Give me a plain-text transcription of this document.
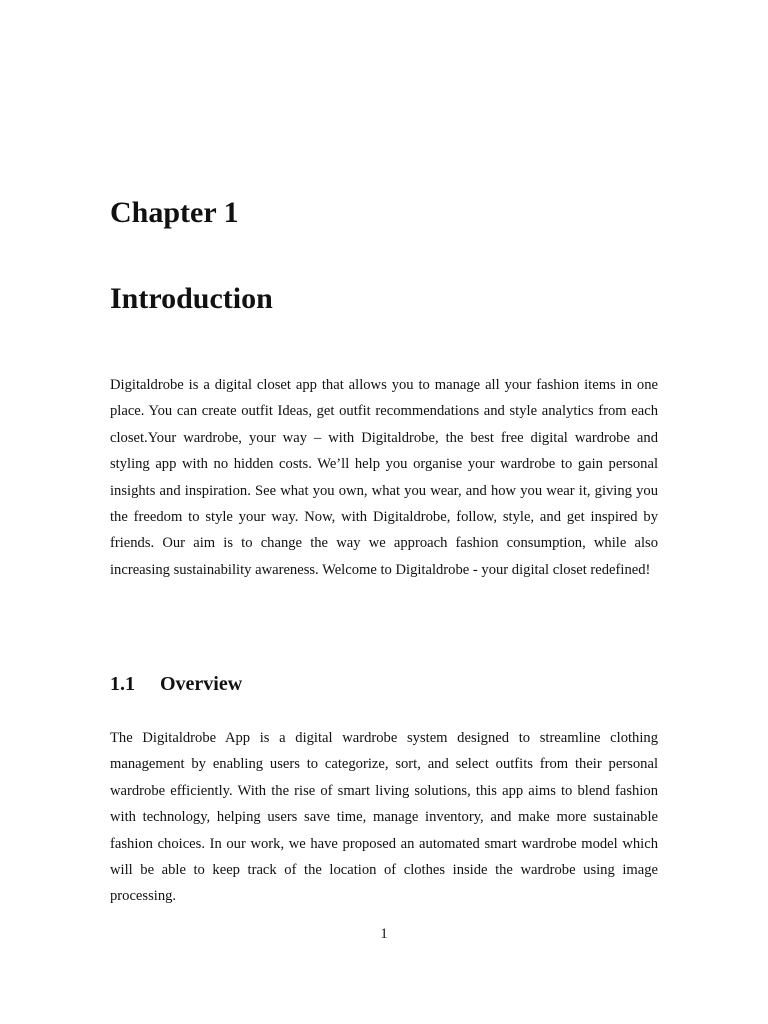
Chapter 1
Introduction

Digitaldrobe is a digital closet app that allows you to manage all your fashion items in one place. You can create outfit Ideas, get outfit recommendations and style analytics from each closet.Your wardrobe, your way – with Digitaldrobe, the best free digital wardrobe and styling app with no hidden costs. We’ll help you organise your wardrobe to gain personal insights and inspiration. See what you own, what you wear, and how you wear it, giving you the freedom to style your way. Now, with Digitaldrobe, follow, style, and get inspired by friends. Our aim is to change the way we approach fashion consumption, while also increasing sustainability awareness. Welcome to Digitaldrobe - your digital closet redefined!

1.1 Overview

The Digitaldrobe App is a digital wardrobe system designed to streamline clothing management by enabling users to categorize, sort, and select outfits from their personal wardrobe efficiently. With the rise of smart living solutions, this app aims to blend fashion with technology, helping users save time, manage inventory, and make more sustainable fashion choices. In our work, we have proposed an automated smart wardrobe model which will be able to keep track of the location of clothes inside the wardrobe using image processing.

1
